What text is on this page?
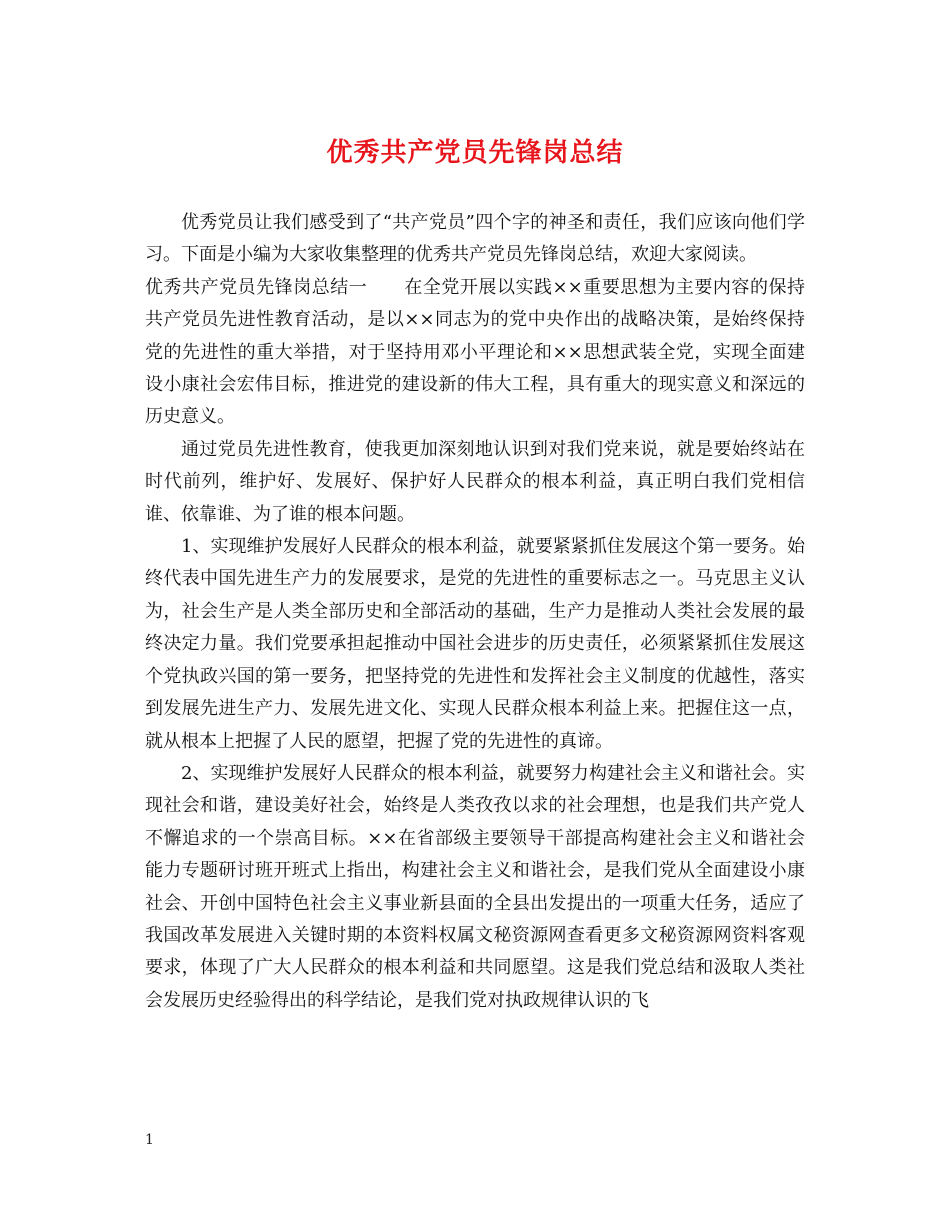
优秀共产党员先锋岗总结

优秀党员让我们感受到了“共产党员”四个字的神圣和责任，我们应该向他们学习。下面是小编为大家收集整理的优秀共产党员先锋岗总结，欢迎大家阅读。

优秀共产党员先锋岗总结一　　在全党开展以实践××重要思想为主要内容的保持共产党员先进性教育活动，是以××同志为的党中央作出的战略决策，是始终保持党的先进性的重大举措，对于坚持用邓小平理论和××思想武装全党，实现全面建设小康社会宏伟目标，推进党的建设新的伟大工程，具有重大的现实意义和深远的历史意义。

通过党员先进性教育，使我更加深刻地认识到对我们党来说，就是要始终站在时代前列，维护好、发展好、保护好人民群众的根本利益，真正明白我们党相信谁、依靠谁、为了谁的根本问题。

1、实现维护发展好人民群众的根本利益，就要紧紧抓住发展这个第一要务。始终代表中国先进生产力的发展要求，是党的先进性的重要标志之一。马克思主义认为，社会生产是人类全部历史和全部活动的基础，生产力是推动人类社会发展的最终决定力量。我们党要承担起推动中国社会进步的历史责任，必须紧紧抓住发展这个党执政兴国的第一要务，把坚持党的先进性和发挥社会主义制度的优越性，落实到发展先进生产力、发展先进文化、实现人民群众根本利益上来。把握住这一点，就从根本上把握了人民的愿望，把握了党的先进性的真谛。

2、实现维护发展好人民群众的根本利益，就要努力构建社会主义和谐社会。实现社会和谐，建设美好社会，始终是人类孜孜以求的社会理想，也是我们共产党人不懈追求的一个崇高目标。××在省部级主要领导干部提高构建社会主义和谐社会能力专题研讨班开班式上指出，构建社会主义和谐社会，是我们党从全面建设小康社会、开创中国特色社会主义事业新县面的全县出发提出的一项重大任务，适应了我国改革发展进入关键时期的本资料权属文秘资源网查看更多文秘资源网资料客观要求，体现了广大人民群众的根本利益和共同愿望。这是我们党总结和汲取人类社会发展历史经验得出的科学结论，是我们党对执政规律认识的飞

1
